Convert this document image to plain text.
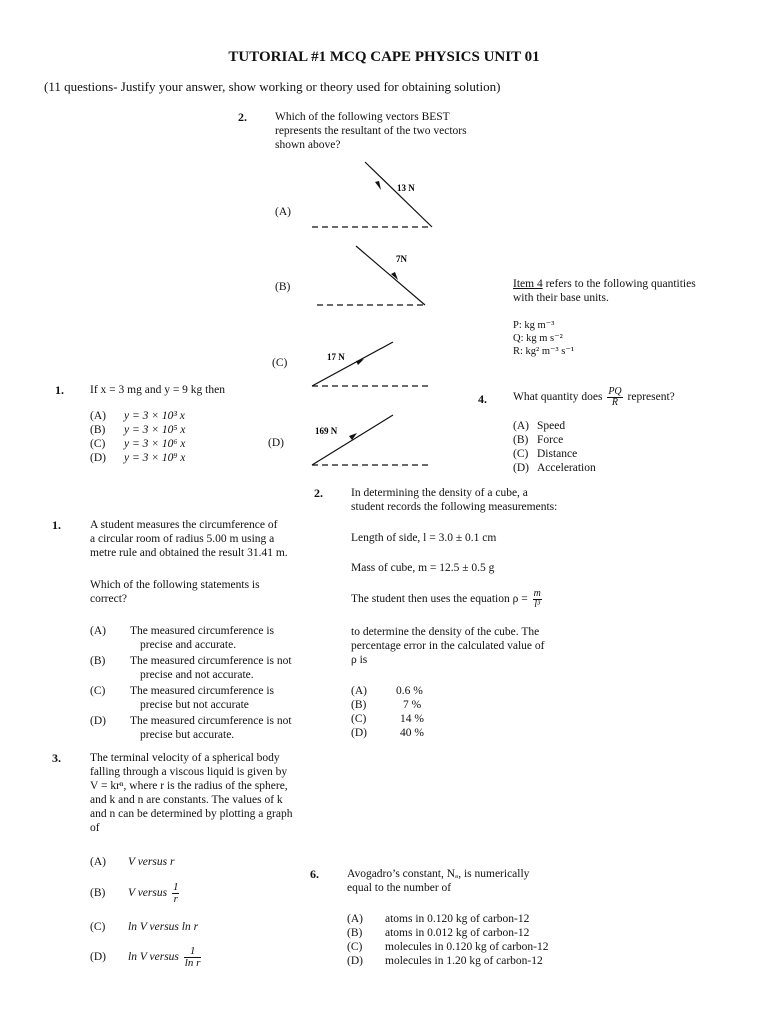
TUTORIAL #1 MCQ CAPE PHYSICS UNIT 01
(11 questions- Justify your answer, show working or theory used for obtaining solution)
2. Which of the following vectors BEST
represents the resultant of the two vectors
shown above?
(A)
(B)
(C)
(D)
13 N
7N
17 N
169 N
Item 4 refers to the following quantities
with their base units.
P: kg m⁻³
Q: kg m s⁻²
R: kg² m⁻³ s⁻¹
4. What quantity does $\frac{PQ}{R}$ represent?
(A) Speed
(B) Force
(C) Distance
(D) Acceleration
1. If x = 3 mg and y = 9 kg then
(A) y = 3 × 10³ x
(B) y = 3 × 10⁵ x
(C) y = 3 × 10⁶ x
(D) y = 3 × 10⁹ x
2. In determining the density of a cube, a
student records the following measurements:
Length of side, l = 3.0 ± 0.1 cm
Mass of cube, m = 12.5 ± 0.5 g
The student then uses the equation $\rho = \frac{m}{\text{l³}}$
to determine the density of the cube. The
percentage error in the calculated value of
ρ is
(A)	0.6 %
(B)	7 %
(C)	14 %
(D)	40 %
1.	A student measures the circumference of
a circular room of radius 5.00 m using a
metre rule and obtained the result 31.41 m.
Which of the following statements is
correct?
(A)	The measured circumference is
precise and accurate.
(B)	The measured circumference is not
precise and not accurate.
(C)	The measured circumference is
precise but not accurate
(D)	The measured circumference is not
precise but accurate.
3.	The terminal velocity of a spherical body
falling through a viscous liquid is given by
V = krⁿ, where r is the radius of the sphere,
and k and n are constants. The values of k
and n can be determined by plotting a graph
of
(A) V versus r
(B) V versus $\frac{1}{r}$
(C) ln V versus ln r
(D) ln V versus $\frac{1}{\text{ln r}}$
6. Avogadro’s constant, Nₐ, is numerically
equal to the number of
(A) atoms in 0.120 kg of carbon-12
(B) atoms in 0.012 kg of carbon-12
(C) molecules in 0.120 kg of carbon-12
(D) molecules in 1.20 kg of carbon-12
